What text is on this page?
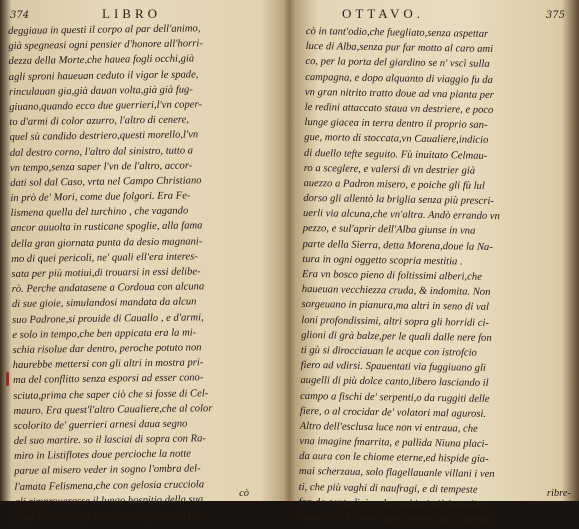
374	LIBRO
deggiaua in questi il corpo al par dell'animo,
già spegneasi ogni pensier d'honore all'horri-
dezza della Morte,che hauea fogli occhi,già
agli sproni haueuan ceduto il vigor le spade,
rinculauan gia,già dauan volta,già già fug-
giuano,quando ecco due guerrieri,l'vn coper-
to d'armi di color azurro, l'altro di cenere,
quel sù candido destriero,questi morello,l'vn
dal destro corno, l'altro dal sinistro, tutto a
vn tempo,senza saper l'vn de l'altro, accor-
dati sol dal Caso, vrta nel Campo Christiano
in prò de' Mori, come due folgori. Era Fe-
lismena quella del turchino , che vagando
ancor auuolta in rusticane spoglie, alla fama
della gran giornata punta da desio magnani-
mo di quei pericoli, ne' quali ell'era interes-
sata per più motiui,di trouarsi in essi delibe-
rò. Perche andatasene a Cordoua con alcuna
di sue gioie, simulandosi mandata da alcun
suo Padrone,si prouide di Cauallo , e d'armi,
e solo in tempo,che ben appicata era la mi-
schia risolue dar dentro, peroche potuto non
haurebbe mettersi con gli altri in mostra pri-
ma del conflitto senza esporsi ad esser cono-
sciuta,prima che saper ciò che si fosse di Cel-
mauro. Era quest'l'altro Caualiere,che al color
scolorito de' guerrieri arnesi daua segno
del suo martire. so il lasciai di sopra con Ra-
miro in Listiflotes doue percioche la notte
parue al misero veder in sogno l'ombra del-
l'amata Felismena,che con gelosia crucciola
gli rimprouerasse il lungo hospitio della sua
fuga D ana letto,e camera,e magione gli fa-
cò
OTTAVO.	375
cò in tant'odio,che fuegliato,senza aspettar
luce di Alba,senza pur far motto al caro ami
co, per la porta del giardino se n' vscì sulla
campagna, e dopo alquanto di viaggio fu da
vn gran nitrito tratto doue ad vna pianta per
le redini attaccato staua vn destriere, e poco
lunge giacea in terra dentro il proprio san-
gue, morto di stoccata,vn Caualiere,indicio
di duello tefte seguito. Fù inuitato Celmau-
ro a sceglere, e valersi di vn destrier già
auezzo a Padron misero, e poiche gli fù lul
dorso gli allentò la briglia senza più prescri-
uerli via alcuna,che vn'altra. Andò errando vn
pezzo, e sul'aprir dell'Alba giunse in vna
parte della Sierra, detta Morena,doue la Na-
tura in ogni oggetto scopria mestitia .
Era vn bosco pieno di foltissimi alberi,che
haueuan vecchiezza cruda, & indomita. Non
sorgeuano in pianura,ma altri in seno di val
loni profondissimi, altri sopra gli horridi ci-
glioni di grà balze,per le quali dalle nere fon
ti gù si dirocciauan le acque con istrofcio
fiero ad vdirsi. Spauentati via fuggiuano gli
augelli di più dolce canto,libero lasciando il
campo a fischi de' serpenti,o da ruggiti delle
fiere, o al crocidar de' volatori mal agurosi.
Altro dell'esclusa luce non vi entraua, che
vna imagine fmarrita, e pallida Niuna placi-
da aura con le chiome eterne,ed hispide gia-
mai scherzaua, solo flagellauanle villani i ven
ti, che più vaghi di naufragi, e di tempeste
fon da contadini, e da nochieri più beneditti
maledetti . L'entrar quiui partoriua vn gelido
ribre-
